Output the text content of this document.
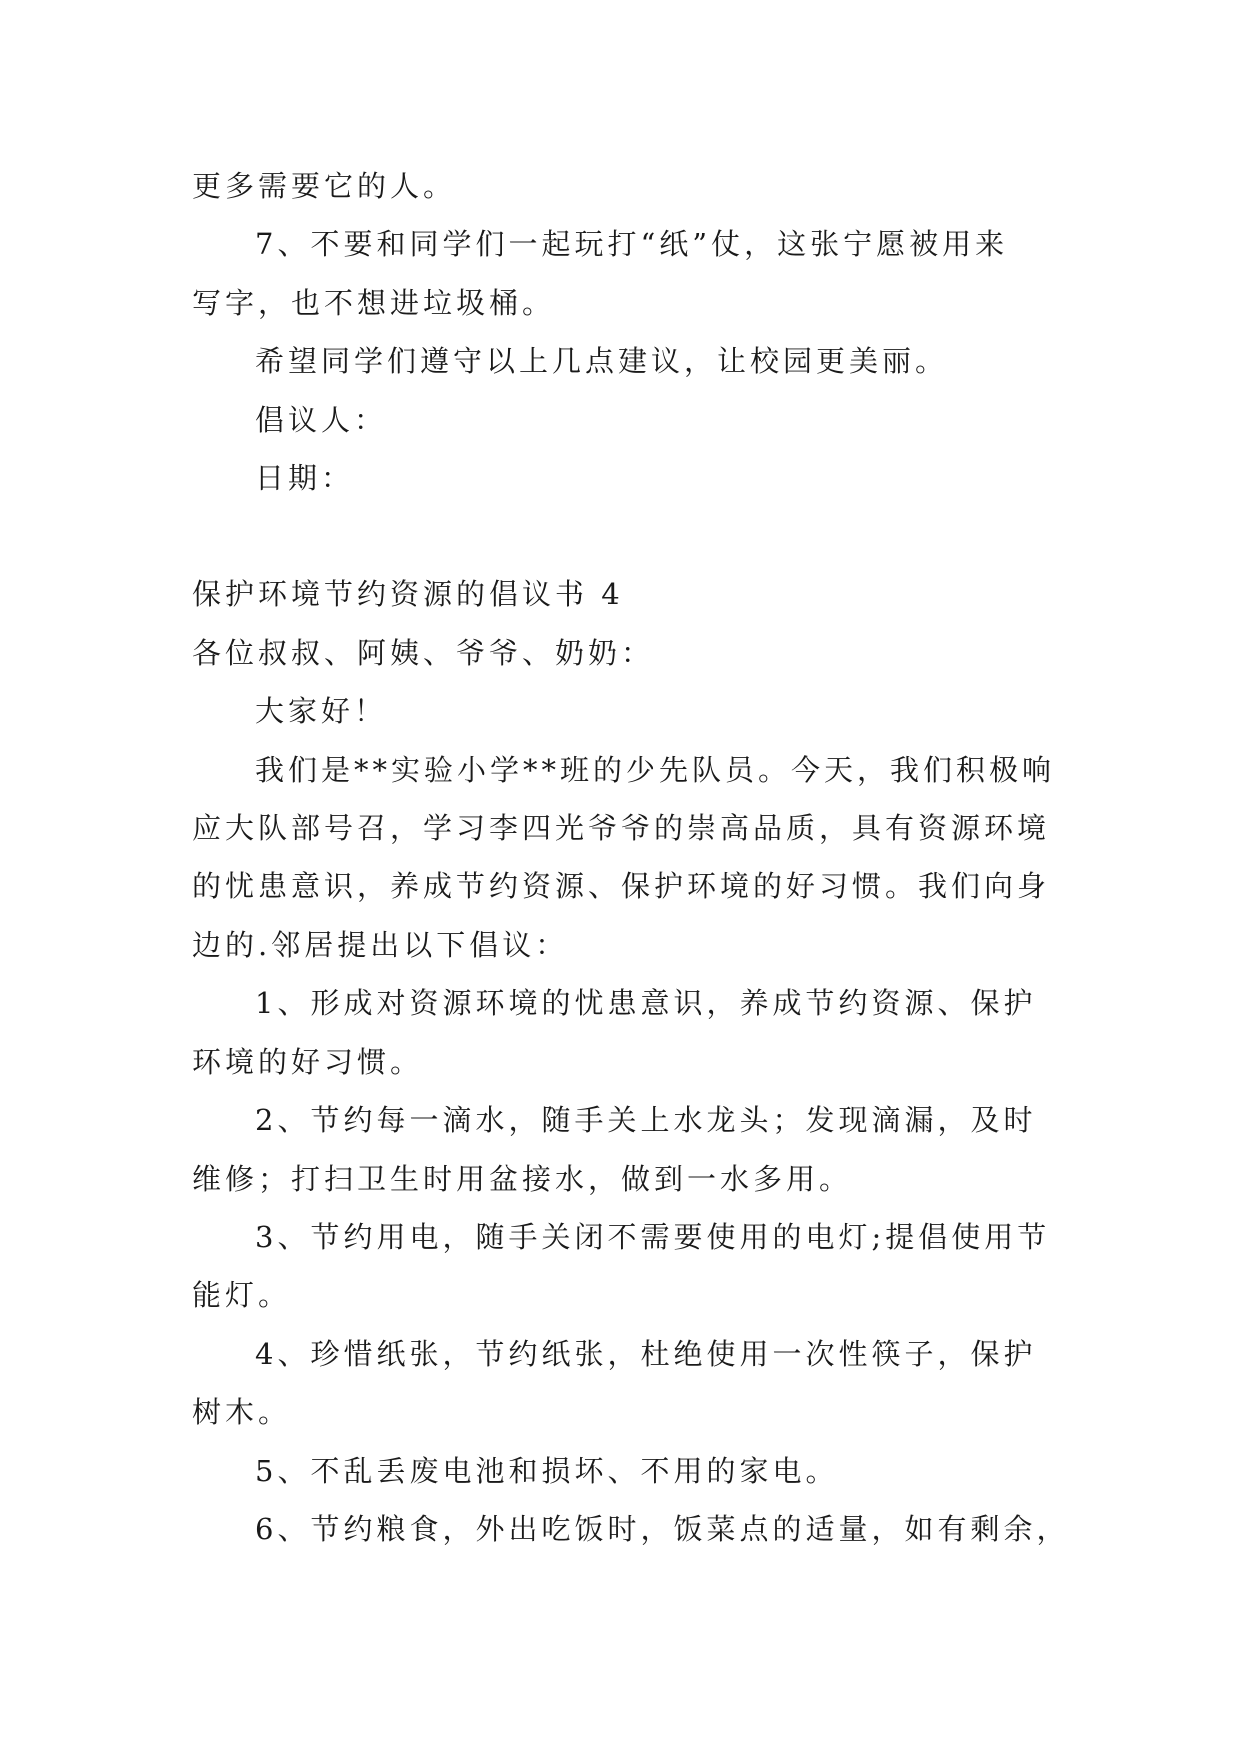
更多需要它的人。

7、不要和同学们一起玩打“纸”仗，这张宁愿被用来

写字，也不想进垃圾桶。

希望同学们遵守以上几点建议，让校园更美丽。

倡议人：

日期：

保护环境节约资源的倡议书 4

各位叔叔、阿姨、爷爷、奶奶：

大家好！

我们是**实验小学**班的少先队员。今天，我们积极响

应大队部号召，学习李四光爷爷的崇高品质，具有资源环境

的忧患意识，养成节约资源、保护环境的好习惯。我们向身

边的.邻居提出以下倡议：

1、形成对资源环境的忧患意识，养成节约资源、保护

环境的好习惯。

2、节约每一滴水，随手关上水龙头；发现滴漏，及时

维修；打扫卫生时用盆接水，做到一水多用。

3、节约用电，随手关闭不需要使用的电灯;提倡使用节

能灯。

4、珍惜纸张，节约纸张，杜绝使用一次性筷子，保护

树木。

5、不乱丢废电池和损坏、不用的家电。

6、节约粮食，外出吃饭时，饭菜点的适量，如有剩余，
